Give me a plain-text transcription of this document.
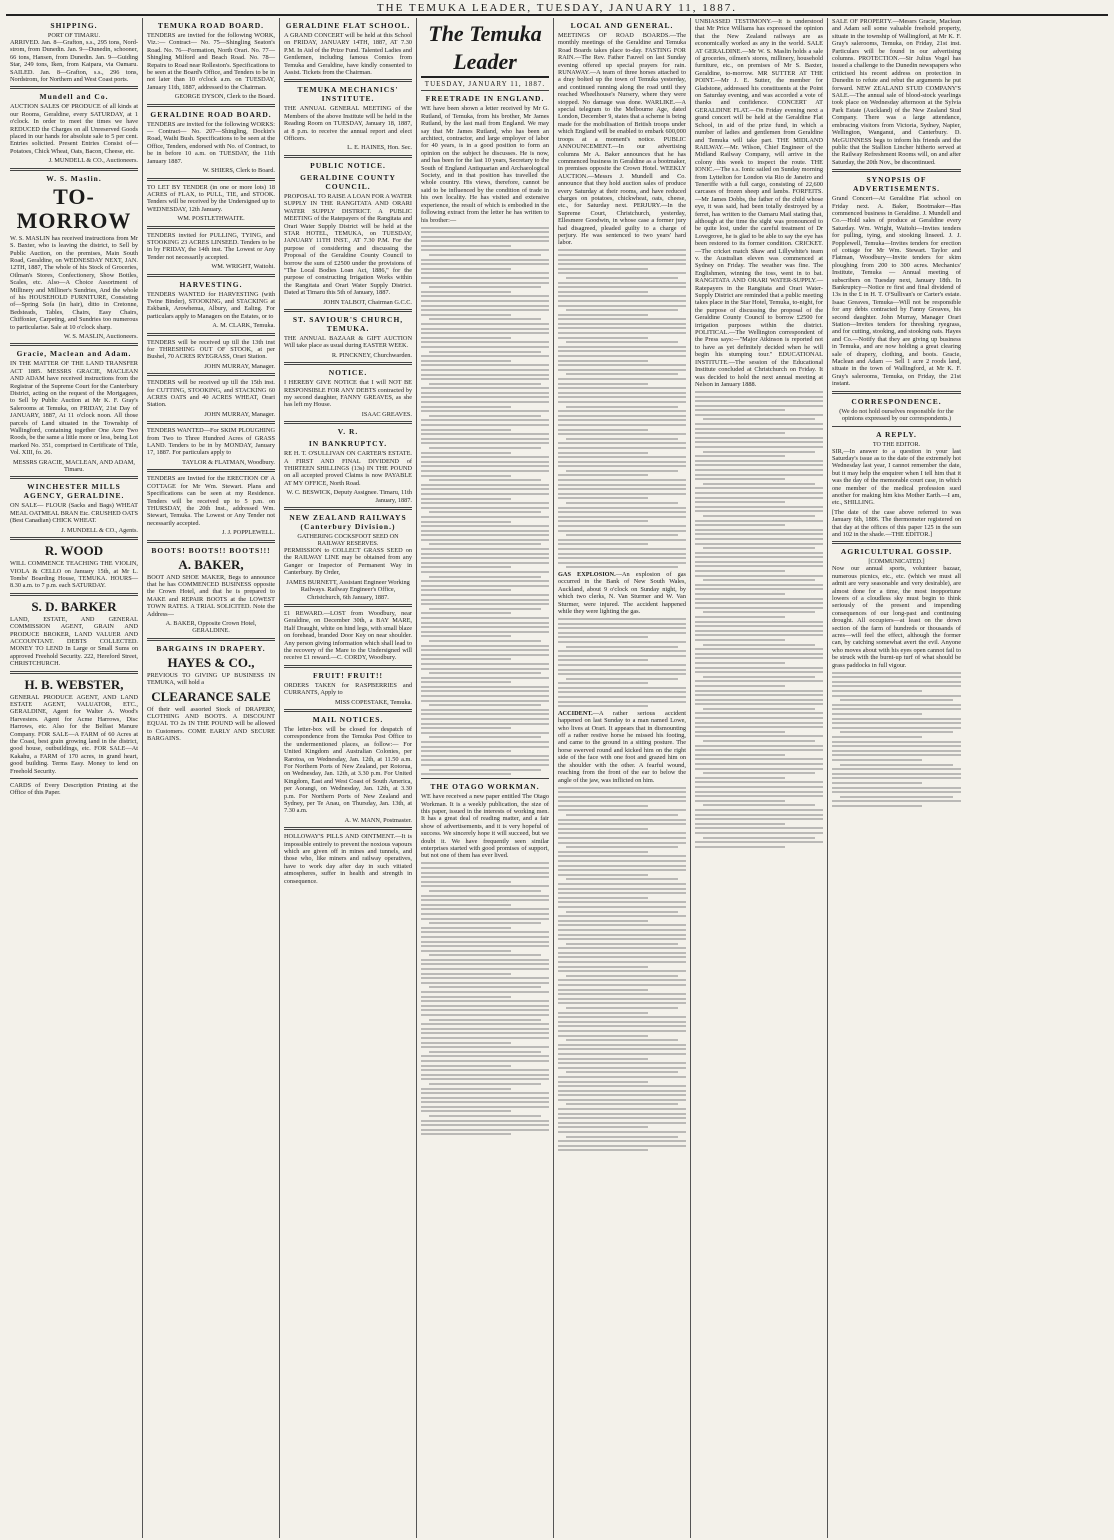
THE TEMUKA LEADER, TUESDAY, JANUARY 11, 1887.
SHIPPING.
PORT OF TIMARU.

ARRIVED. Jan. 8—Grafton, s.s., 295 tons, Nord-strom, from Dunedin. Jan. 9—Dunedin, schooner, 66 tons, Hansen, from Dunedin. Jan. 9—Guiding Star, 249 tons, Iken, from Kaipara, via Oamaru. SAILED. Jan. 8—Grafton, s.s., 296 tons, Nordstrom, for Northern and West Coast ports.

Mundell and Co.

AUCTION SALES OF PRODUCE of all kinds at our Rooms, Geraldine, every SATURDAY, at 1 o'clock. In order to meet the times we have REDUCED the Charges on all Unreserved Goods placed in our hands for absolute sale to 5 per cent. Entries solicited. Present Entries Consist of—Potatoes, Chick Wheat, Oats, Bacon, Cheese, etc.

J. MUNDELL & CO., Auctioneers.

W. S. Maslin.
TO-MORROW

W. S. MASLIN has received instructions from Mr S. Baxter, who is leaving the district, to Sell by Public Auction, on the premises, Main South Road, Geraldine, on WEDNESDAY NEXT, JAN. 12TH, 1887, The whole of his Stock of Groceries, Oilman's Stores, Confectionery, Show Bottles, Scales, etc. Also—A Choice Assortment of Millinery and Milliner's Sundries, And the whole of his HOUSEHOLD FURNITURE, Consisting of—Spring Sofa (in hair), ditto in Cretonne, Bedsteads, Tables, Chairs, Easy Chairs, Chiffonier, Carpeting, and Sundries too numerous to particularise. Sale at 10 o'clock sharp.

W. S. MASLIN, Auctioneers.

Gracie, Maclean and Adam.

IN THE MATTER OF THE LAND TRANSFER ACT 1885. MESSRS GRACIE, MACLEAN AND ADAM have received instructions from the Registrar of the Supreme Court for the Canterbury District, acting on the request of the Mortgagees, to Sell by Public Auction at Mr K. F. Gray's Salerooms at Temuka, on FRIDAY, 21st Day of JANUARY, 1887, At 11 o'clock noon. All those parcels of Land situated in the Township of Wallingford, containing together One Acre Two Roods, be the same a little more or less, being Lot marked No. 351, comprised in Certificate of Title, Vol. XIII, fo. 26.

MESSRS GRACIE, MACLEAN, AND ADAM, Timaru.

WINCHESTER MILLS AGENCY, GERALDINE.

ON SALE— FLOUR (Sacks and Bags) WHEAT MEAL OATMEAL BRAN Etc. CRUSHED OATS (Best Canadian) CHICK WHEAT.

J. MUNDELL & CO., Agents.

R. WOOD

WILL COMMENCE TEACHING THE VIOLIN, VIOLA & CELLO on January 15th, at Mr L. Tombs' Boarding House, TEMUKA. HOURS—8.30 a.m. to 7 p.m. each SATURDAY.

S. D. BARKER

LAND, ESTATE, AND GENERAL COMMISSION AGENT, GRAIN AND PRODUCE BROKER, LAND VALUER AND ACCOUNTANT. DEBTS COLLECTED. MONEY TO LEND In Large or Small Sums on approved Freehold Security. 222, Hereford Street, CHRISTCHURCH.

H. B. WEBSTER,

GENERAL PRODUCE AGENT, AND LAND ESTATE AGENT, VALUATOR, ETC., GERALDINE, Agent for Walter A. Wood's Harvesters. Agent for Acme Harrows, Disc Harrows, etc. Also for the Belfast Manure Company. FOR SALE—A FARM of 60 Acres at the Coast, best grain growing land in the district, good house, outbuildings, etc. FOR SALE—At Kakahu, a FARM of 170 acres, in grand heart, good building. Terms Easy. Money to lend on Freehold Security.

CARDS of Every Description Printing at the Office of this Paper.

TEMUKA ROAD BOARD.

TENDERS are invited for the following WORK, Viz.:— Contract— No. 75—Shingling Seaton's Road. No. 76—Formation, North Orari. No. 77—Shingling Milford and Beach Road. No. 78—Repairs to Road near Rolleston's. Specifications to be seen at the Board's Office, and Tenders to be in not later than 10 o'clock a.m. on TUESDAY, January 11th, 1887, addressed to the Chairman.

GEORGE DYSON, Clerk to the Board.

GERALDINE ROAD BOARD.

TENDERS are invited for the following WORKS:— Contract— No. 207—Shingling, Dockin's Road, Waihi Bush. Specifications to be seen at the Office, Tenders, endorsed with No. of Contract, to be in before 10 a.m. on TUESDAY, the 11th January 1887.

W. SHIERS, Clerk to Board.

TO LET BY TENDER (in one or more lots) 18 ACRES of FLAX, to PULL, TIE, and STOOK. Tenders will be received by the Undersigned up to WEDNESDAY, 12th January.

WM. POSTLETHWAITE.

TENDERS invited for PULLING, TYING, and STOOKING 23 ACRES LINSEED. Tenders to be in by FRIDAY, the 14th inst. The Lowest or Any Tender not necessarily accepted.

WM. WRIGHT, Waitohi.

HARVESTING.

TENDERS WANTED for HARVESTING (with Twine Binder), STOOKING, and STACKING at Eskbank, Arowhenua, Albury, and Ealing. For particulars apply to Managers on the Estates, or to

A. M. CLARK, Temuka.

TENDERS will be received up till the 13th inst for THRESHING OUT OF STOOK, at per Bushel, 70 ACRES RYEGRASS, Orari Station.

JOHN MURRAY, Manager.

TENDERS will be received up till the 15th inst. for CUTTING, STOOKING, and STACKING 60 ACRES OATS and 40 ACRES WHEAT, Orari Station.

JOHN MURRAY, Manager.

TENDERS WANTED—For SKIM PLOUGHING from Two to Three Hundred Acres of GRASS LAND. Tenders to be in by MONDAY, January 17, 1887. For particulars apply to

TAYLOR & FLATMAN, Woodbury.

TENDERS are Invited for the ERECTION OF A COTTAGE for Mr Wm. Stewart. Plans and Specifications can be seen at my Residence. Tenders will be received up to 5 p.m. on THURSDAY, the 20th Inst., addressed Wm. Stewart, Temuka. The Lowest or Any Tender not necessarily accepted.

J. J. POPPLEWELL.

BOOTS! BOOTS!! BOOTS!!!
A. BAKER,

BOOT AND SHOE MAKER, Begs to announce that he has COMMENCED BUSINESS opposite the Crown Hotel, and that he is prepared to MAKE and REPAIR BOOTS at the LOWEST TOWN RATES. A TRIAL SOLICITED. Note the Address—

A. BAKER, Opposite Crown Hotel, GERALDINE.

BARGAINS IN DRAPERY.
HAYES & CO.,

PREVIOUS TO GIVING UP BUSINESS IN TEMUKA, will hold a

CLEARANCE SALE

Of their well assorted Stock of DRAPERY, CLOTHING AND BOOTS. A DISCOUNT EQUAL TO 2s IN THE POUND will be allowed to Customers. COME EARLY AND SECURE BARGAINS.

GERALDINE FLAT SCHOOL.

A GRAND CONCERT will be held at this School on FRIDAY, JANUARY 14TH, 1887, AT 7.30 P.M. In Aid of the Prize Fund. Talented Ladies and Gentlemen, including famous Comics from Temuka and Geraldine, have kindly consented to Assist. Tickets from the Chairman.

TEMUKA MECHANICS' INSTITUTE.

THE ANNUAL GENERAL MEETING of the Members of the above Institute will be held in the Reading Room on TUESDAY, January 18, 1887, at 8 p.m. to receive the annual report and elect Officers.

L. E. HAINES, Hon. Sec.

PUBLIC NOTICE.
GERALDINE COUNTY COUNCIL.

PROPOSAL TO RAISE A LOAN FOR A WATER SUPPLY IN THE RANGITATA AND ORARI WATER SUPPLY DISTRICT. A PUBLIC MEETING of the Ratepayers of the Rangitata and Orari Water Supply District will be held at the STAR HOTEL, TEMUKA, on TUESDAY, JANUARY 11TH INST., AT 7.30 P.M. For the purpose of considering and discussing the Proposal of the Geraldine County Council to borrow the sum of £2500 under the provisions of "The Local Bodies Loan Act, 1886," for the purpose of constructing Irrigation Works within the Rangitata and Orari Water Supply District. Dated at Timaru this 5th of January, 1887.

JOHN TALBOT, Chairman G.C.C.

ST. SAVIOUR'S CHURCH, TEMUKA.

THE ANNUAL BAZAAR & GIFT AUCTION Will take place as usual during EASTER WEEK.

R. PINCKNEY, Churchwarden.

NOTICE.

I HEREBY GIVE NOTICE that I will NOT BE RESPONSIBLE FOR ANY DEBTS contracted by my second daughter, FANNY GREAVES, as she has left my House.

ISAAC GREAVES.

V. R.
IN BANKRUPTCY.

RE H. T. O'SULLIVAN ON CARTER'S ESTATE. A FIRST AND FINAL DIVIDEND of THIRTEEN SHILLINGS (13s) IN THE POUND on all accepted proved Claims is now PAYABLE AT MY OFFICE, North Road.

W. C. BESWICK, Deputy Assignee. Timaru, 11th January, 1887.

NEW ZEALAND RAILWAYS (Canterbury Division.)
GATHERING COCKSFOOT SEED ON RAILWAY RESERVES.

PERMISSION to COLLECT GRASS SEED on the RAILWAY LINE may be obtained from any Ganger or Inspector of Permanent Way in Canterbury. By Order,

JAMES BURNETT, Assistant Engineer Working Railways. Railway Engineer's Office, Christchurch, 6th January, 1887.

£1 REWARD.—LOST from Woodbury, near Geraldine, on December 30th, a BAY MARE, Half Draught, white on hind legs, with small blaze on forehead, branded Door Key on near shoulder. Any person giving information which shall lead to the recovery of the Mare to the Undersigned will receive £1 reward.—C. CORDY, Woodbury.

FRUIT! FRUIT!!

ORDERS TAKEN for RASPBERRIES and CURRANTS, Apply to

MISS COPESTAKE, Temuka.

MAIL NOTICES.

The letter-box will be closed for despatch of correspondence from the Temuka Post Office to the undermentioned places, as follow:— For United Kingdom and Australian Colonies, per Rarotoa, on Wednesday, Jan. 12th, at 11.50 a.m. For Northern Ports of New Zealand, per Rotorua, on Wednesday, Jan. 12th, at 3.30 p.m. For United Kingdom, East and West Coast of South America, per Aorangi, on Wednesday, Jan. 12th, at 3.30 p.m. For Northern Ports of New Zealand and Sydney, per Te Anau, on Thursday, Jan. 13th, at 7.30 a.m.

A. W. MANN, Postmaster.

HOLLOWAY'S PILLS AND OINTMENT.—It is impossible entirely to prevent the noxious vapours which are given off in mines and tunnels, and those who, like miners and railway operatives, have to work day after day in such vitiated atmospheres, suffer in health and strength in consequence.

The Temuka Leader
TUESDAY, JANUARY 11, 1887.
FREETRADE IN ENGLAND.

WE have been shown a letter received by Mr G. Rutland, of Temuka, from his brother, Mr James Rutland, by the last mail from England. We may say that Mr James Rutland, who has been an architect, contractor, and large employer of labor for 40 years, is in a good position to form an opinion on the subject he discusses. He is now, and has been for the last 10 years, Secretary to the South of England Antiquarian and Archaeological Society, and in that position has travelled the whole country. His views, therefore, cannot be said to be influenced by the condition of trade in his own locality. He has visited and extensive experience, the result of which is embodied in the following extract from the letter he has written to his brother:—

THE OTAGO WORKMAN.

WE have received a new paper entitled The Otago Workman. It is a weekly publication, the size of this paper, issued in the interests of working men. It has a great deal of reading matter, and a fair show of advertisements, and it is very hopeful of success. We sincerely hope it will succeed, but we doubt it. We have frequently seen similar enterprises started with good promises of support, but not one of them has ever lived.

LOCAL AND GENERAL.

MEETINGS OF ROAD BOARDS.—The monthly meetings of the Geraldine and Temuka Road Boards takes place to-day. FASTING FOR RAIN.—The Rev. Father Fauvel on last Sunday evening offered up special prayers for rain. RUNAWAY.—A team of three horses attached to a dray bolted up the town of Temuka yesterday, and continued running along the road until they reached Wheelhouse's Nursery, where they were stopped. No damage was done. WARLIKE.—A special telegram to the Melbourne Age, dated London, December 9, states that a scheme is being made for the mobilisation of British troops under which England will be enabled to embark 600,000 troops at a moment's notice. PUBLIC ANNOUNCEMENT.—In our advertising columns Mr A. Baker announces that he has commenced business in Geraldine as a bootmaker, in premises opposite the Crown Hotel. WEEKLY AUCTION.—Messrs J. Mundell and Co. announce that they hold auction sales of produce every Saturday at their rooms, and have reduced charges on potatoes, chickwheat, oats, cheese, etc., for Saturday next. PERJURY.—In the Supreme Court, Christchurch, yesterday, Ellesmere Goodwin, in whose case a former jury had disagreed, pleaded guilty to a charge of perjury. He was sentenced to two years' hard labor.

GAS EXPLOSION.—An explosion of gas occurred in the Bank of New South Wales, Auckland, about 9 o'clock on Sunday night, by which two clerks, N. Van Sturmer and W. Van Sturmer, were injured. The accident happened while they were lighting the gas.

ACCIDENT.—A rather serious accident happened on last Sunday to a man named Lowe, who lives at Orari. It appears that in dismounting off a rather restive horse he missed his footing, and came to the ground in a sitting posture. The horse swerved round and kicked him on the right side of the face with one foot and grazed him on the shoulder with the other. A fearful wound, reaching from the front of the ear to below the angle of the jaw, was inflicted on him.

UNBIASSED TESTIMONY.—It is understood that Mr Price Williams has expressed the opinion that the New Zealand railways are as economically worked as any in the world. SALE AT GERALDINE.—Mr W. S. Maslin holds a sale of groceries, oilmen's stores, millinery, household furniture, etc., on premises of Mr S. Baxter, Geraldine, to-morrow. MR SUTTER AT THE POINT.—Mr J. E. Sutter, the member for Gladstone, addressed his constituents at the Point on Saturday evening, and was accorded a vote of thanks and confidence. CONCERT AT GERALDINE FLAT.—On Friday evening next a grand concert will be held at the Geraldine Flat School, in aid of the prize fund, in which a number of ladies and gentlemen from Geraldine and Temuka will take part. THE MIDLAND RAILWAY.—Mr. Wilson, Chief Engineer of the Midland Railway Company, will arrive in the colony this week to inspect the route. THE IONIC.—The s.s. Ionic sailed on Sunday morning from Lyttelton for London via Rio de Janeiro and Teneriffe with a full cargo, consisting of 22,600 carcases of frozen sheep and lambs. FORFEITS.—Mr James Dobbs, the father of the child whose eye, it was said, had been totally destroyed by a ferret, has written to the Oamaru Mail stating that, although at the time the sight was pronounced to be quite lost, under the careful treatment of Dr Lovegrove, he is glad to be able to say the eye has been restored to its former condition. CRICKET.—The cricket match Shaw and Lillywhite's team v. the Australian eleven was commenced at Sydney on Friday. The weather was fine. The Englishmen, winning the toss, went in to bat. RANGITATA AND ORARI WATER-SUPPLY.—Ratepayers in the Rangitata and Orari Water-Supply District are reminded that a public meeting takes place in the Star Hotel, Temuka, to-night, for the purpose of discussing the proposal of the Geraldine County Council to borrow £2500 for irrigation purposes within the district. POLITICAL.—The Wellington correspondent of the Press says:—"Major Atkinson is reported not to have as yet definitely decided when he will begin his stumping tour." EDUCATIONAL INSTITUTE.—The session of the Educational Institute concluded at Christchurch on Friday. It was decided to hold the next annual meeting at Nelson in January 1888.

SALE OF PROPERTY.—Messrs Gracie, Maclean and Adam sell some valuable freehold property, situate in the township of Wallingford, at Mr K. F. Gray's salerooms, Temuka, on Friday, 21st inst. Particulars will be found in our advertising columns. PROTECTION.—Sir Julius Vogel has issued a challenge to the Dunedin newspapers who criticised his recent address on protection in Dunedin to refute and rebut the arguments he put forward. NEW ZEALAND STUD COMPANY'S SALE.—The annual sale of blood-stock yearlings took place on Wednesday afternoon at the Sylvia Park Estate (Auckland) of the New Zealand Stud Company. There was a large attendance, embracing visitors from Victoria, Sydney, Napier, Wellington, Wanganui, and Canterbury. D. McGUINNESS begs to inform his friends and the public that the Stallion Lincher hitherto served at the Railway Refreshment Rooms will, on and after Saturday, the 20th Nov., be discontinued.

SYNOPSIS OF ADVERTISEMENTS.

Grand Concert—At Geraldine Flat school on Friday next. A. Baker, Bootmaker—Has commenced business in Geraldine. J. Mundell and Co.—Hold sales of produce at Geraldine every Saturday. Wm. Wright, Waitohi—Invites tenders for pulling, tying, and stooking linseed. J. J. Popplewell, Temuka—Invites tenders for erection of cottage for Mr Wm. Stewart. Taylor and Flatman, Woodbury—Invite tenders for skim ploughing from 200 to 300 acres. Mechanics' Institute, Temuka — Annual meeting of subscribers on Tuesday next, January 18th. In Bankruptcy—Notice re first and final dividend of 13s in the £ in H. T. O'Sullivan's or Carter's estate. Isaac Greaves, Temuka—Will not be responsible for any debts contracted by Fanny Greaves, his second daughter. John Murray, Manager Orari Station—Invites tenders for threshing ryegrass, and for cutting, stooking, and stooking oats. Hayes and Co.—Notify that they are giving up business in Temuka, and are now holding a great clearing sale of drapery, clothing, and boots. Gracie, Maclean and Adam — Sell 1 acre 2 roods land, situate in the town of Wallingford, at Mr K. F. Gray's salerooms, Temuka, on Friday, the 21st instant.

CORRESPONDENCE.

(We do not hold ourselves responsible for the opinions expressed by our correspondents.)

A REPLY.
TO THE EDITOR.

SIR,—In answer to a question in your last Saturday's issue as to the date of the extremely hot Wednesday last year, I cannot remember the date, but it may help the enquirer when I tell him that it was the day of the memorable court case, in which one member of the medical profession sued another for making him kiss Mother Earth.—I am, etc., SHILLING.

[The date of the case above referred to was January 6th, 1886. The thermometer registered on that day at the offices of this paper 125 in the sun and 102 in the shade.—THE EDITOR.]

AGRICULTURAL GOSSIP.
[COMMUNICATED.]

Now our annual sports, volunteer bazaar, numerous picnics, etc., etc. (which we must all admit are very seasonable and very desirable), are almost done for a time, the most inopportune lowers of a cloudless sky must begin to think seriously of the present and impending consequences of our long-past and continuing drought. All occupiers—at least on the down section of the farm of hundreds or thousands of acres—will feel the effect, although the former can, by catching somewhat avert the evil. Anyone who moves about with his eyes open cannot fail to be struck with the burnt-up turf of what should be grass paddocks in full vigour.
